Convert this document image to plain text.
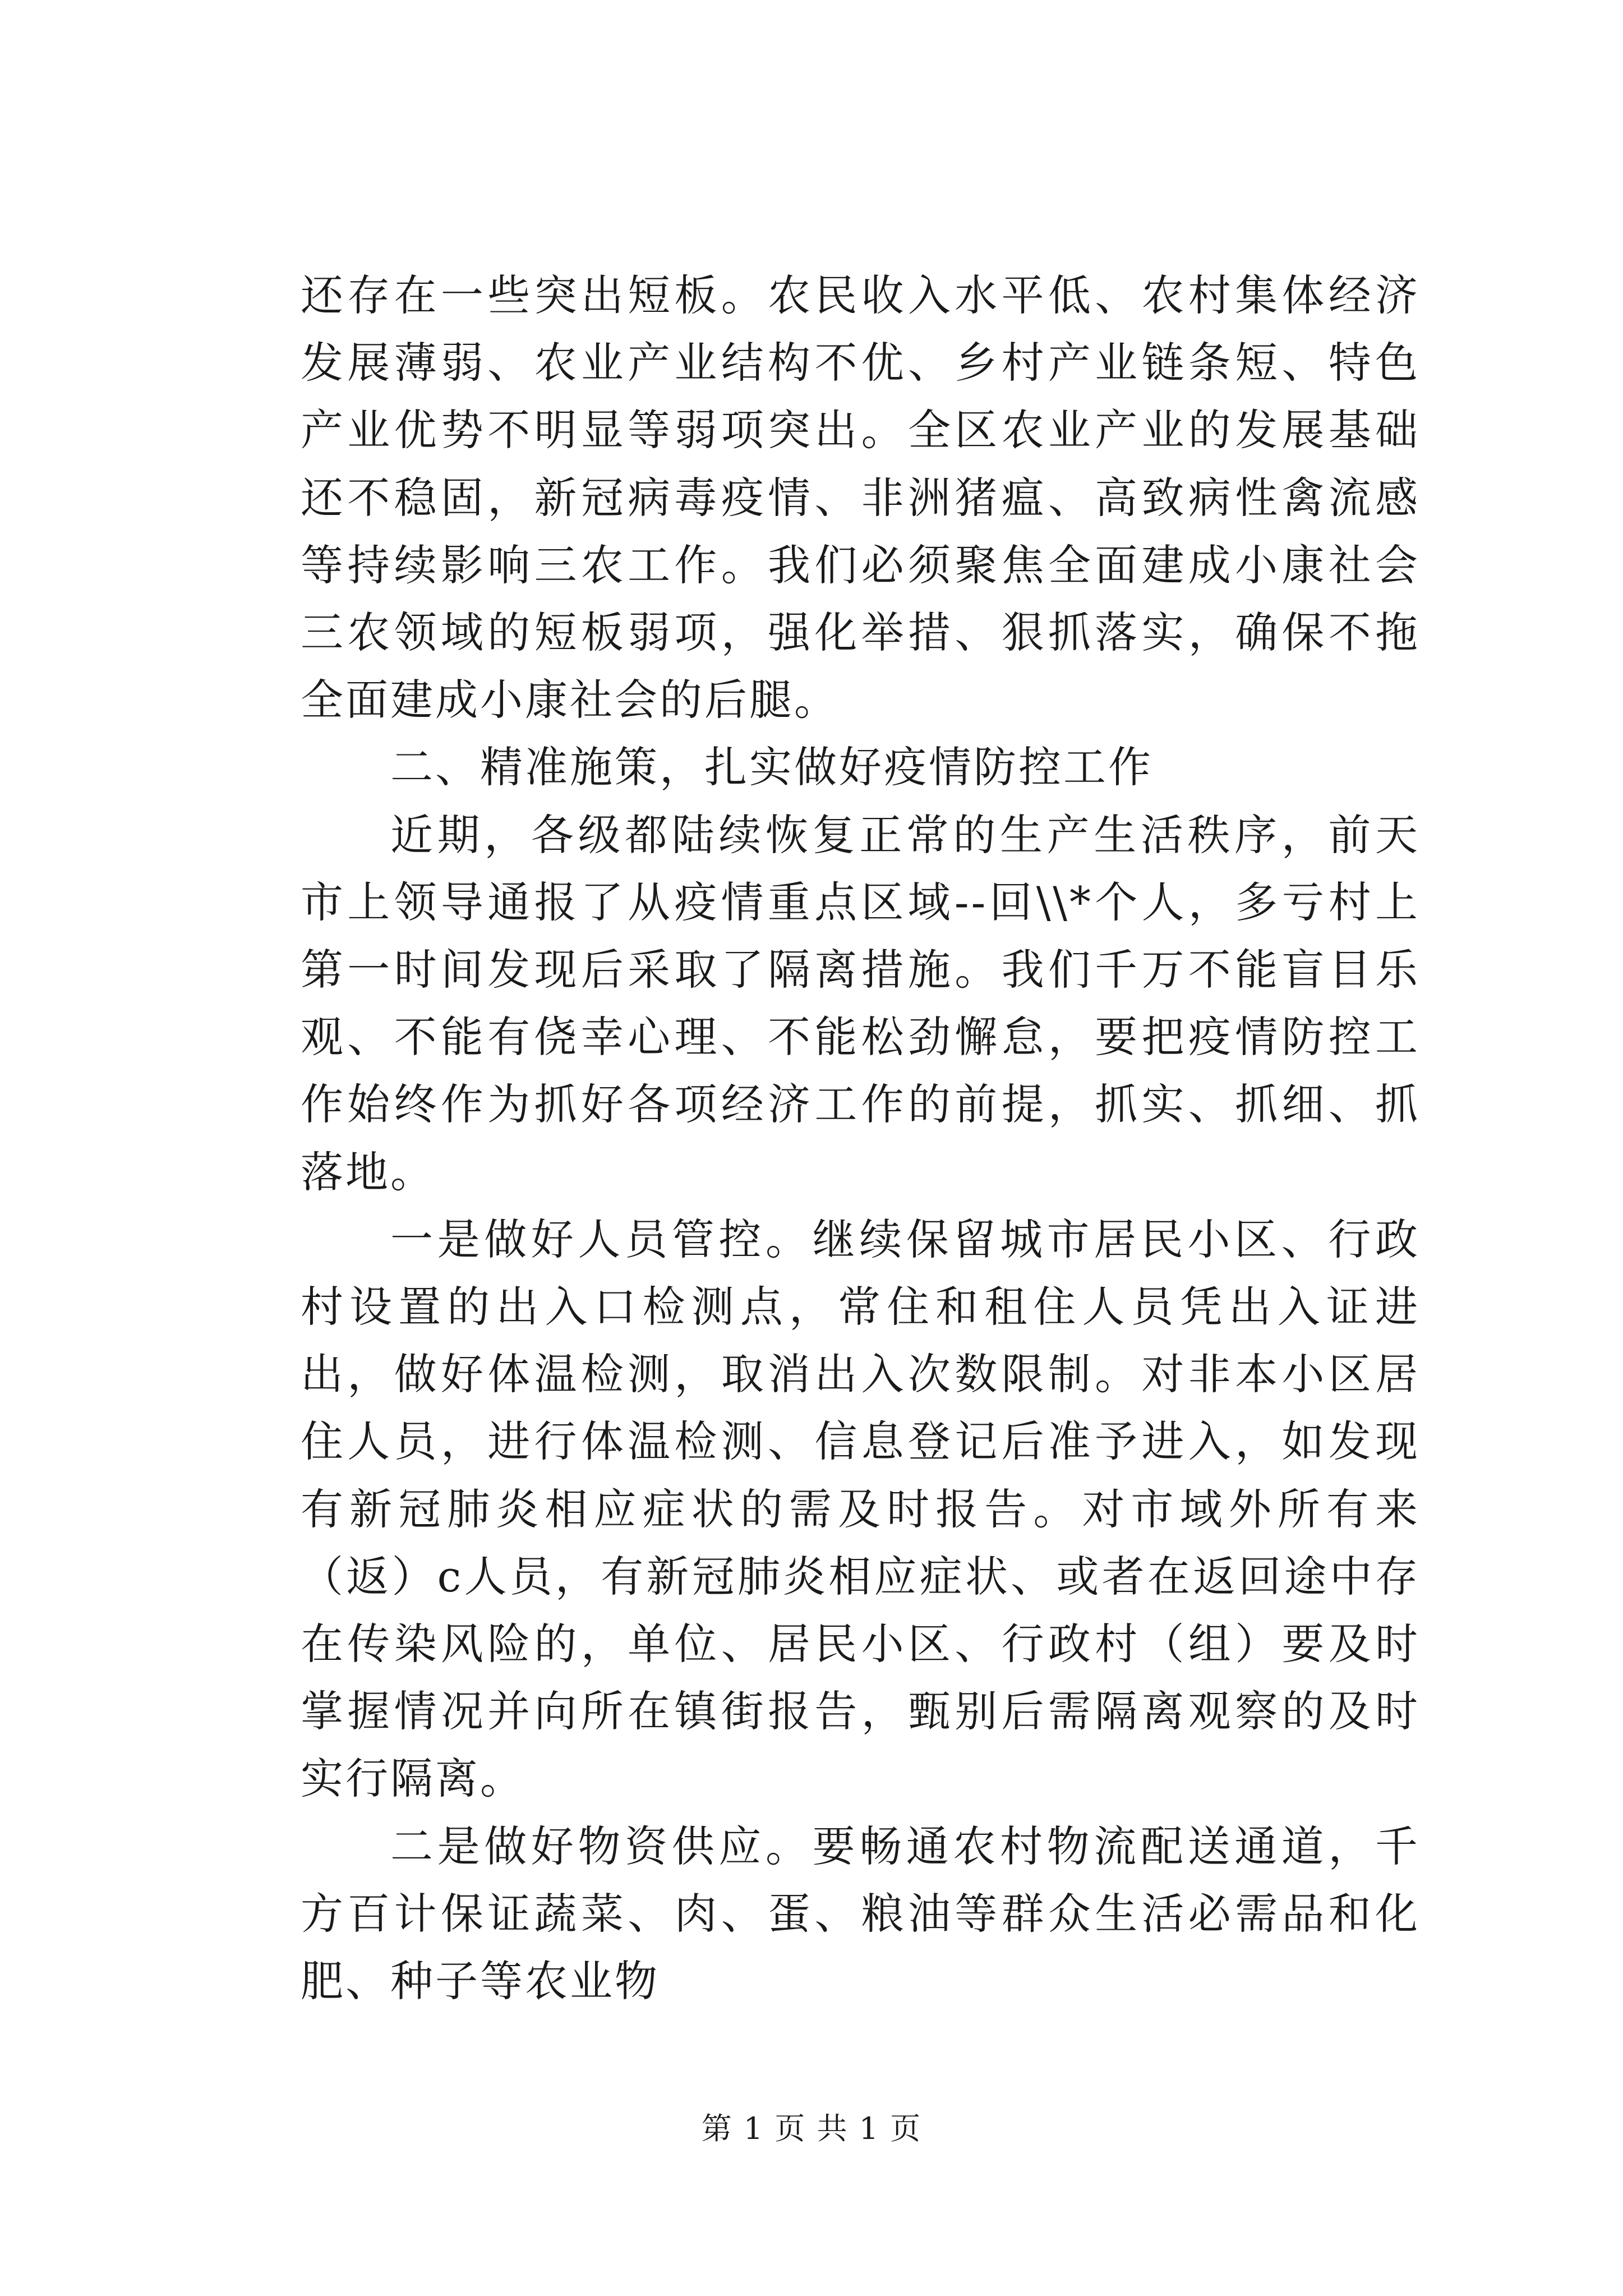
还存在一些突出短板。农民收入水平低、农村集体经济发展薄弱、农业产业结构不优、乡村产业链条短、特色产业优势不明显等弱项突出。全区农业产业的发展基础还不稳固，新冠病毒疫情、非洲猪瘟、高致病性禽流感等持续影响三农工作。我们必须聚焦全面建成小康社会三农领域的短板弱项，强化举措、狠抓落实，确保不拖全面建成小康社会的后腿。

二、精准施策，扎实做好疫情防控工作

近期，各级都陆续恢复正常的生产生活秩序，前天市上领导通报了从疫情重点区域--回\\*个人，多亏村上第一时间发现后采取了隔离措施。我们千万不能盲目乐观、不能有侥幸心理、不能松劲懈怠，要把疫情防控工作始终作为抓好各项经济工作的前提，抓实、抓细、抓落地。

一是做好人员管控。继续保留城市居民小区、行政村设置的出入口检测点，常住和租住人员凭出入证进出，做好体温检测，取消出入次数限制。对非本小区居住人员，进行体温检测、信息登记后准予进入，如发现有新冠肺炎相应症状的需及时报告。对市域外所有来（返）c人员，有新冠肺炎相应症状、或者在返回途中存在传染风险的，单位、居民小区、行政村（组）要及时掌握情况并向所在镇街报告，甄别后需隔离观察的及时实行隔离。

二是做好物资供应。要畅通农村物流配送通道，千方百计保证蔬菜、肉、蛋、粮油等群众生活必需品和化肥、种子等农业物

第 1 页 共 1 页
